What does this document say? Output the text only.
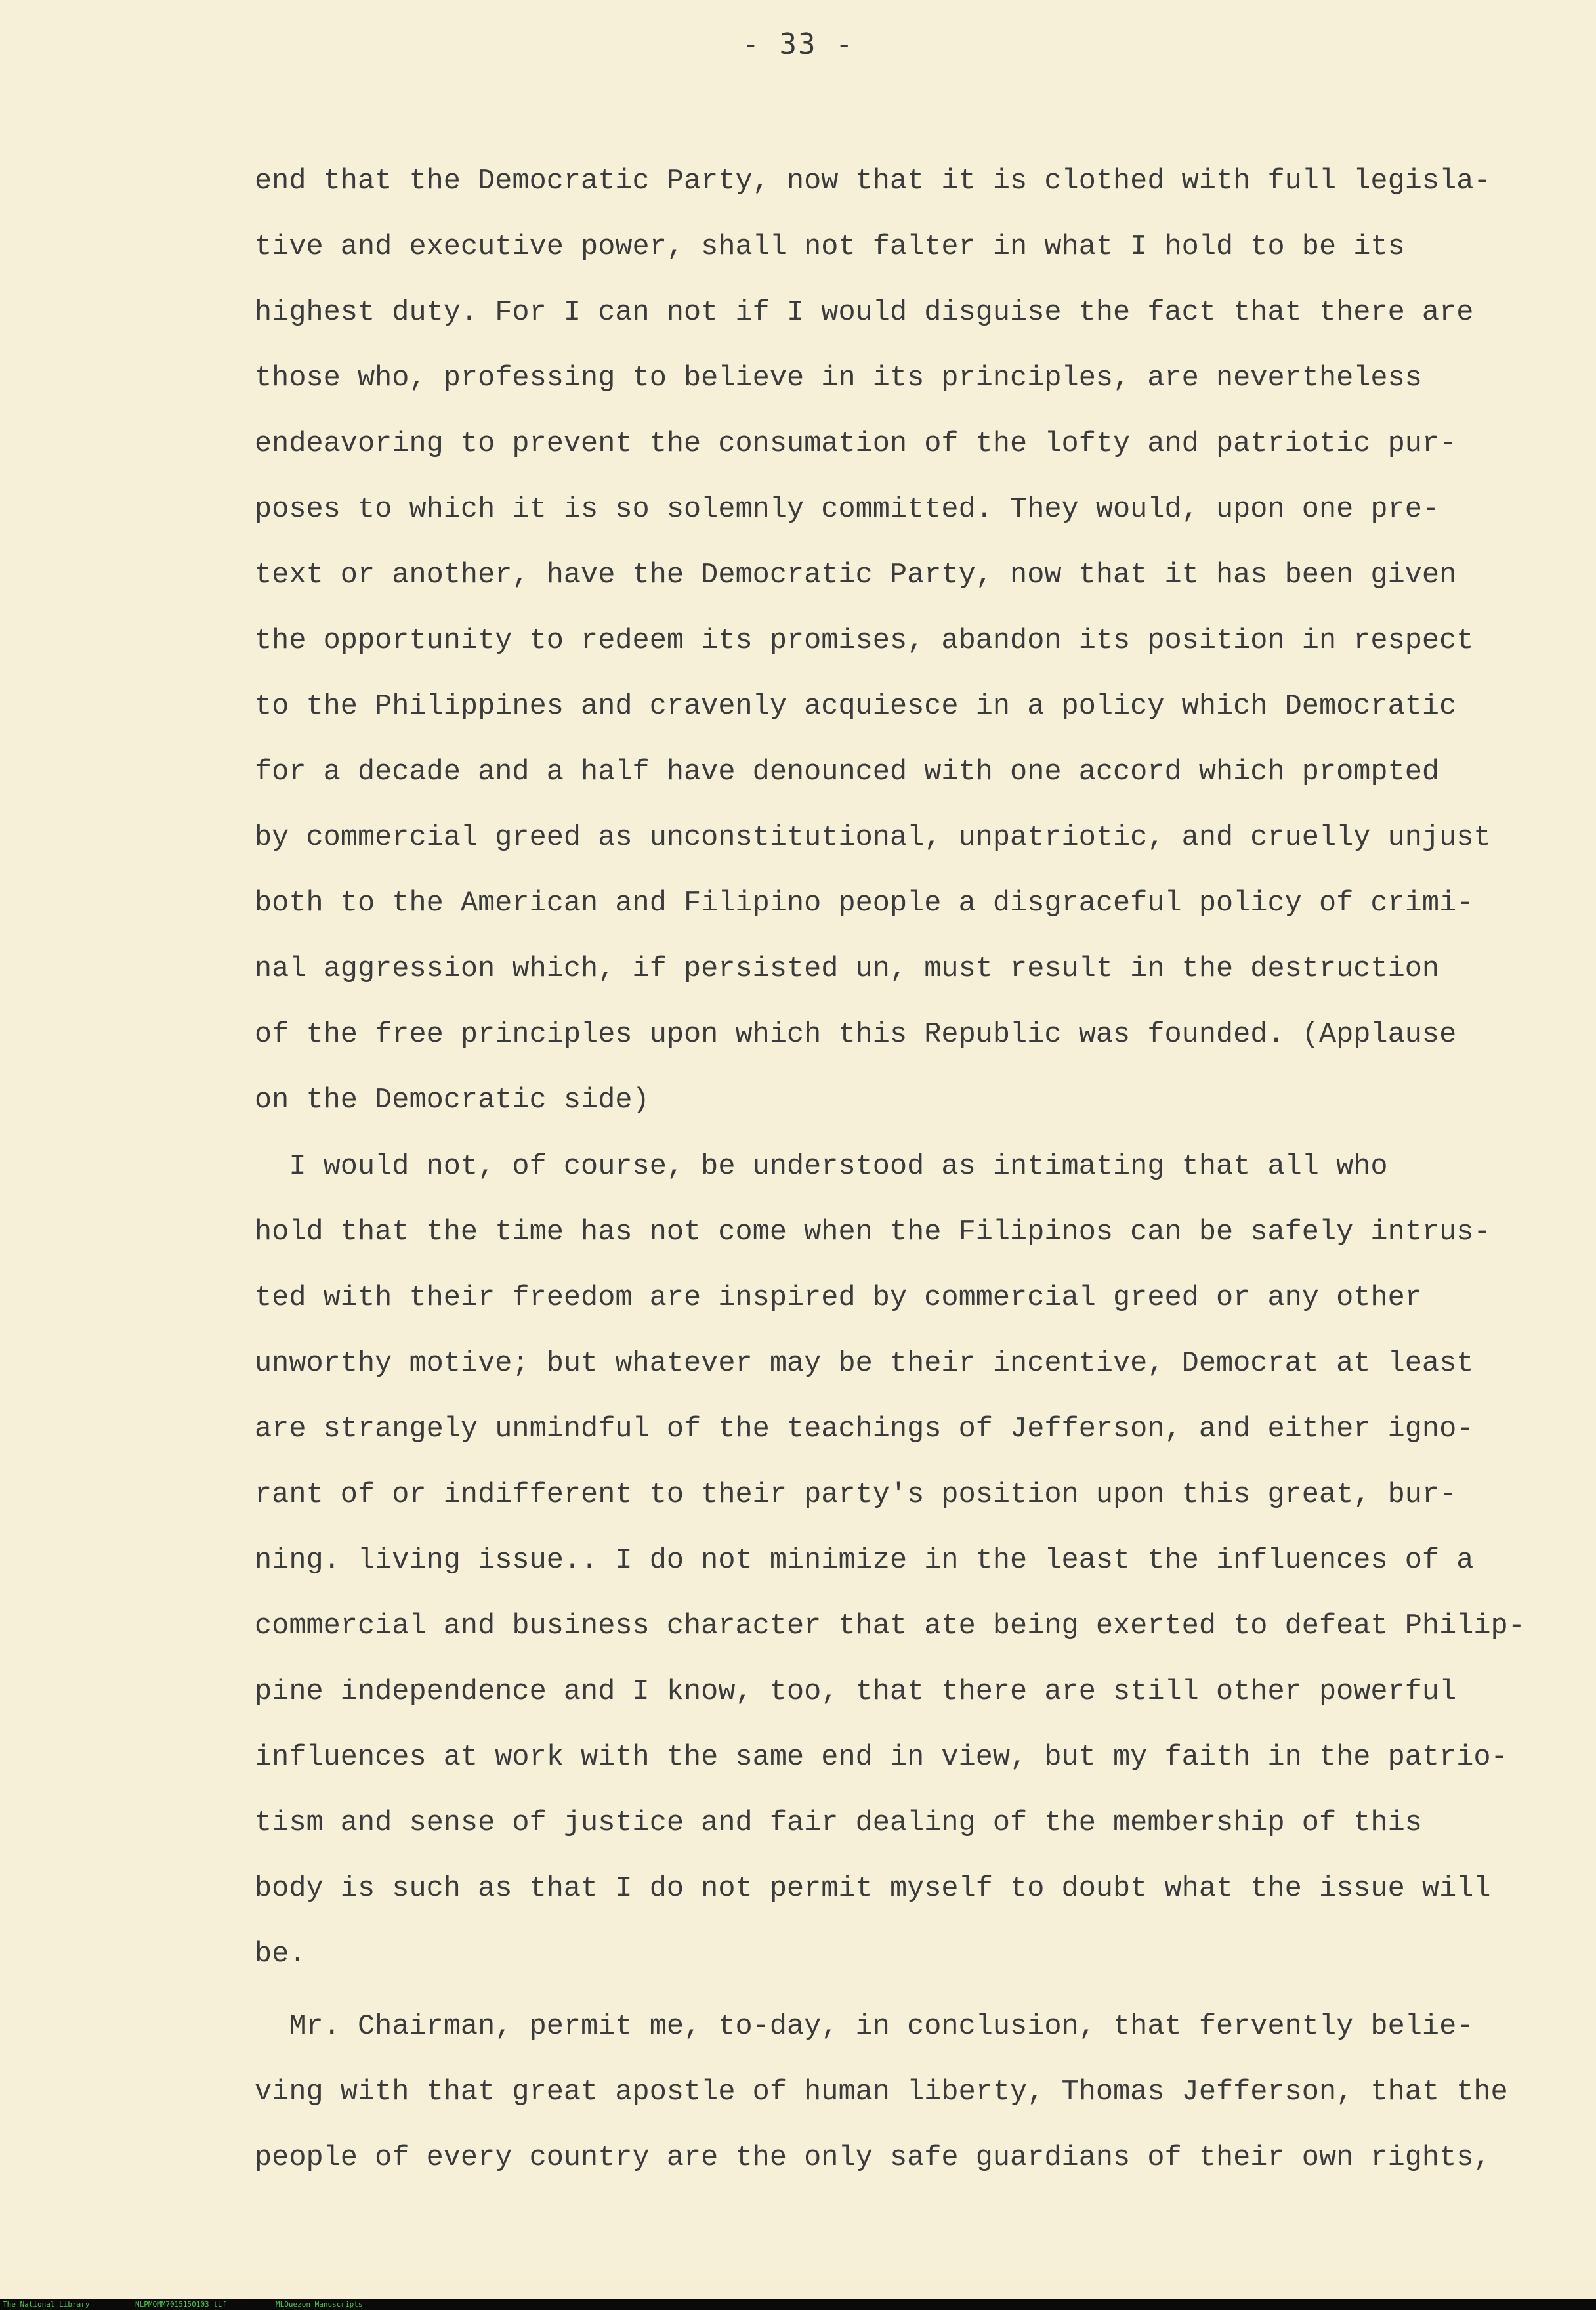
- 33 -
end that the Democratic Party, now that it is clothed with full legisla-
tive and executive power, shall not falter in what I hold to be its
highest duty. For I can not if I would disguise the fact that there are
those who, professing to believe in its principles, are nevertheless
endeavoring to prevent the consumation of the lofty and patriotic pur-
poses to which it is so solemnly committed. They would, upon one pre-
text or another, have the Democratic Party, now that it has been given
the opportunity to redeem its promises, abandon its position in respect
to the Philippines and cravenly acquiesce in a policy which Democratic
for a decade and a half have denounced with one accord which prompted
by commercial greed as unconstitutional, unpatriotic, and cruelly unjust
both to the American and Filipino people a disgraceful policy of crimi-
nal aggression which, if persisted un, must result in the destruction
of the free principles upon which this Republic was founded. (Applause
on the Democratic side)
I would not, of course, be understood as intimating that all who
hold that the time has not come when the Filipinos can be safely intrus-
ted with their freedom are inspired by commercial greed or any other
unworthy motive; but whatever may be their incentive, Democrat at least
are strangely unmindful of the teachings of Jefferson, and either igno-
rant of or indifferent to their party's position upon this great, bur-
ning. living issue.. I do not minimize in the least the influences of a
commercial and business character that ate being exerted to defeat Philip-
pine independence and I know, too, that there are still other powerful
influences at work with the same end in view, but my faith in the patrio-
tism and sense of justice and fair dealing of the membership of this
body is such as that I do not permit myself to doubt what the issue will
be.
Mr. Chairman, permit me, to-day, in conclusion, that fervently belie-
ving with that great apostle of human liberty, Thomas Jefferson, that the
people of every country are the only safe guardians of their own rights,
The National Library	NLPMQMM7015150103 tif	MLQuezon Manuscripts
